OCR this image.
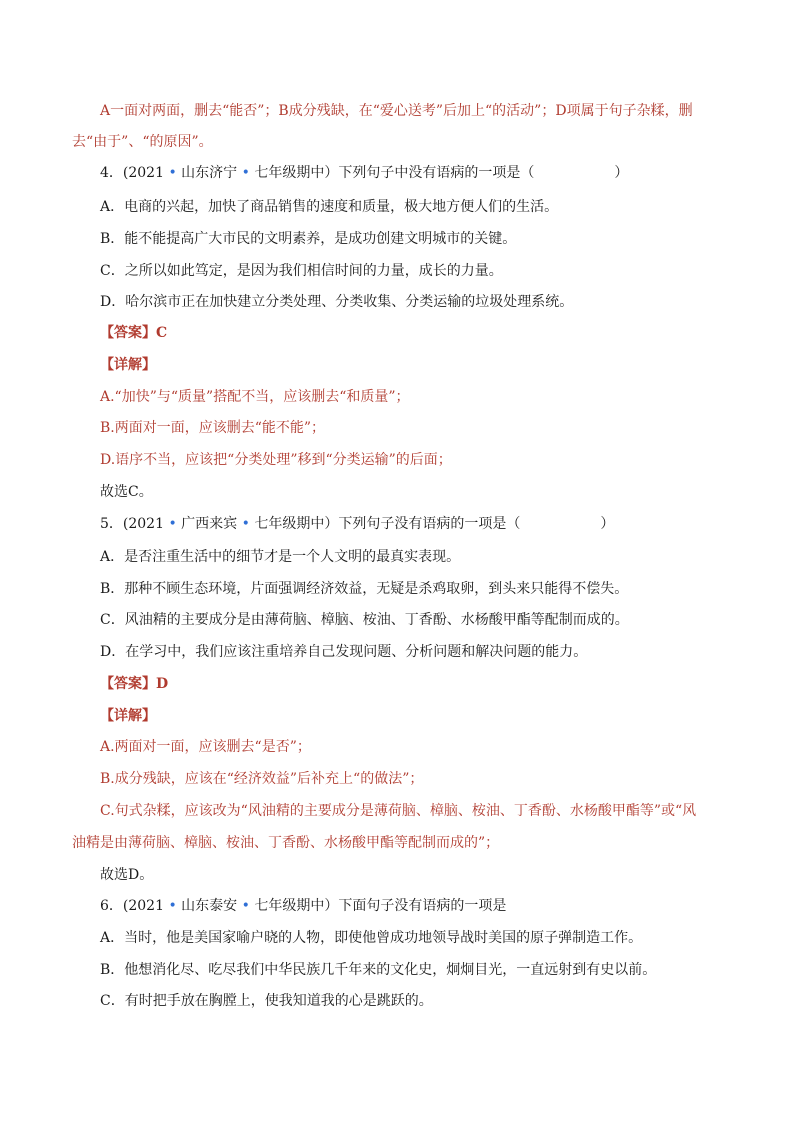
A一面对两面，删去“能否”；B成分残缺，在“爱心送考”后加上“的活动”；D项属于句子杂糅，删
去“由于”、“的原因”。
4．(2021 • 山东济宁 • 七年级期中）下列句子中没有语病的一项是（	）
A．电商的兴起，加快了商品销售的速度和质量，极大地方便人们的生活。
B．能不能提高广大市民的文明素养，是成功创建文明城市的关键。
C．之所以如此笃定，是因为我们相信时间的力量，成长的力量。
D．哈尔滨市正在加快建立分类处理、分类收集、分类运输的垃圾处理系统。
【答案】C
【详解】
A.“加快”与“质量”搭配不当，应该删去“和质量”；
B.两面对一面，应该删去“能不能”；
D.语序不当，应该把“分类处理”移到“分类运输”的后面；
故选C。
5．(2021 • 广西来宾 • 七年级期中）下列句子没有语病的一项是（	）
A．是否注重生活中的细节才是一个人文明的最真实表现。
B．那种不顾生态环境，片面强调经济效益，无疑是杀鸡取卵，到头来只能得不偿失。
C．风油精的主要成分是由薄荷脑、樟脑、桉油、丁香酚、水杨酸甲酯等配制而成的。
D．在学习中，我们应该注重培养自己发现问题、分析问题和解决问题的能力。
【答案】D
【详解】
A.两面对一面，应该删去“是否”；
B.成分残缺，应该在“经济效益”后补充上“的做法”；
C.句式杂糅，应该改为“风油精的主要成分是薄荷脑、樟脑、桉油、丁香酚、水杨酸甲酯等”或“风
油精是由薄荷脑、樟脑、桉油、丁香酚、水杨酸甲酯等配制而成的”；
故选D。
6．(2021 • 山东泰安 • 七年级期中）下面句子没有语病的一项是
A．当时，他是美国家喻户晓的人物，即使他曾成功地领导战时美国的原子弹制造工作。
B．他想消化尽、吃尽我们中华民族几千年来的文化史，炯炯目光，一直远射到有史以前。
C．有时把手放在胸膛上，使我知道我的心是跳跃的。
